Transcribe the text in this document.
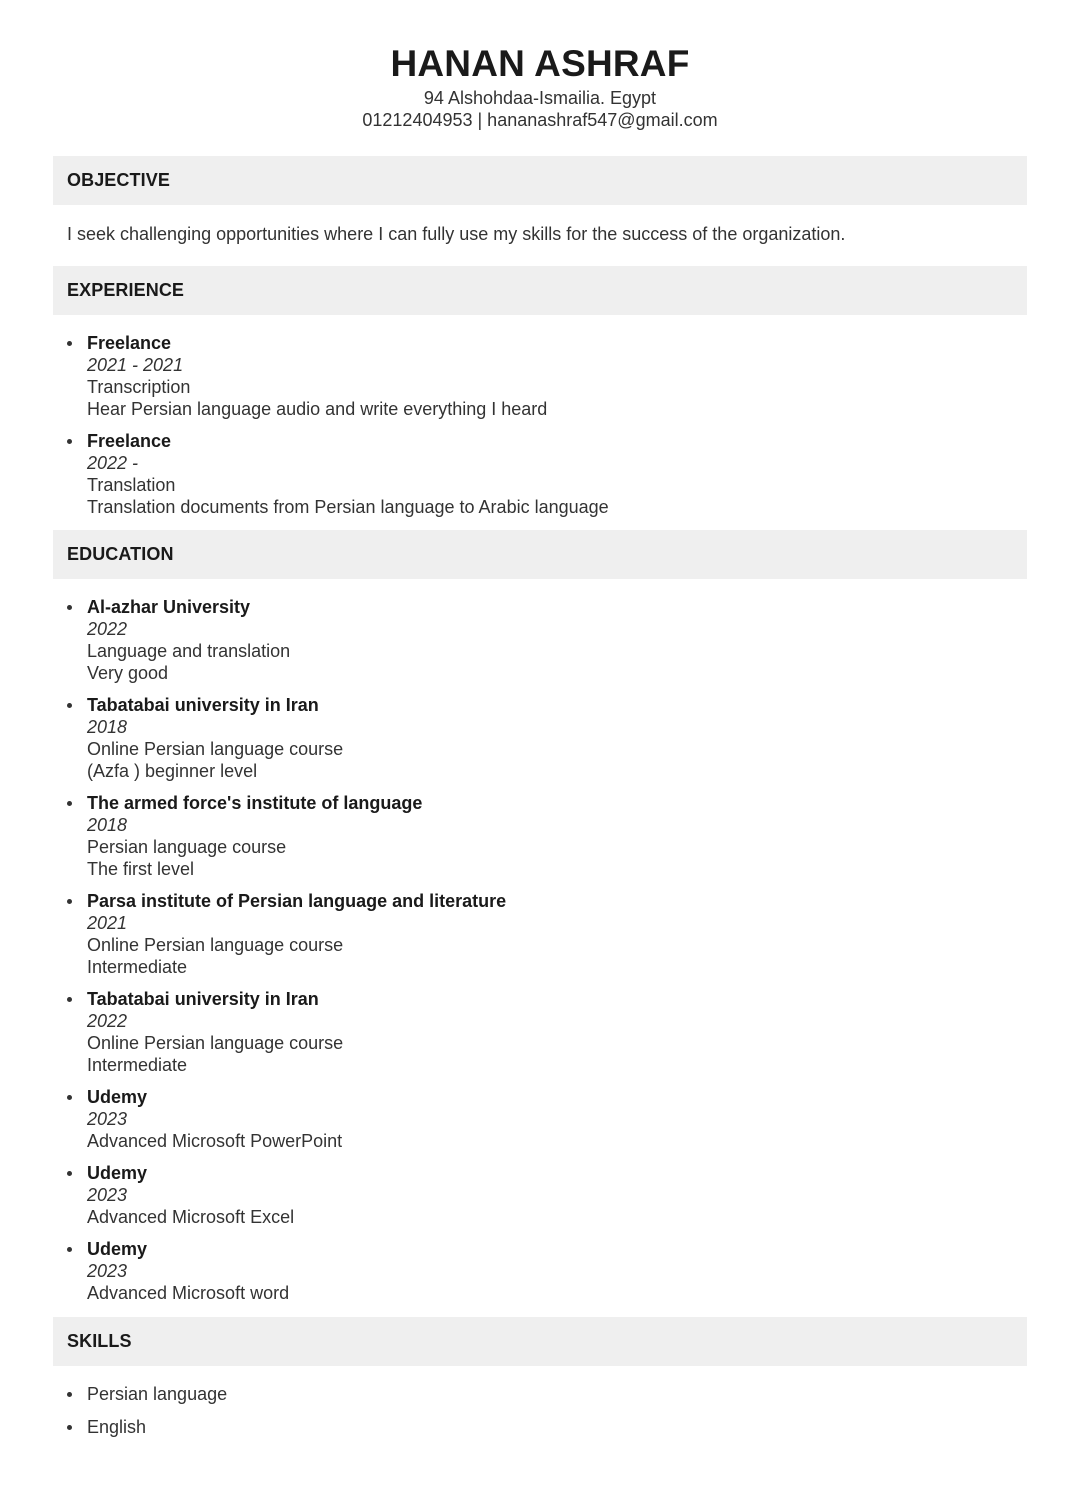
HANAN ASHRAF
94 Alshohdaa-Ismailia. Egypt
01212404953 | hananashraf547@gmail.com
OBJECTIVE
I seek challenging opportunities where I can fully use my skills for the success of the organization.
EXPERIENCE
Freelance
2021 - 2021
Transcription
Hear Persian language audio and write everything I heard
Freelance
2022 -
Translation
Translation documents from Persian language to Arabic language
EDUCATION
Al-azhar University
2022
Language and translation
Very good
Tabatabai university in Iran
2018
Online Persian language course
(Azfa ) beginner level
The armed force's institute of language
2018
Persian language course
The first level
Parsa institute of Persian language and literature
2021
Online Persian language course
Intermediate
Tabatabai university in Iran
2022
Online Persian language course
Intermediate
Udemy
2023
Advanced Microsoft PowerPoint
Udemy
2023
Advanced Microsoft Excel
Udemy
2023
Advanced Microsoft word
SKILLS
Persian language
English
